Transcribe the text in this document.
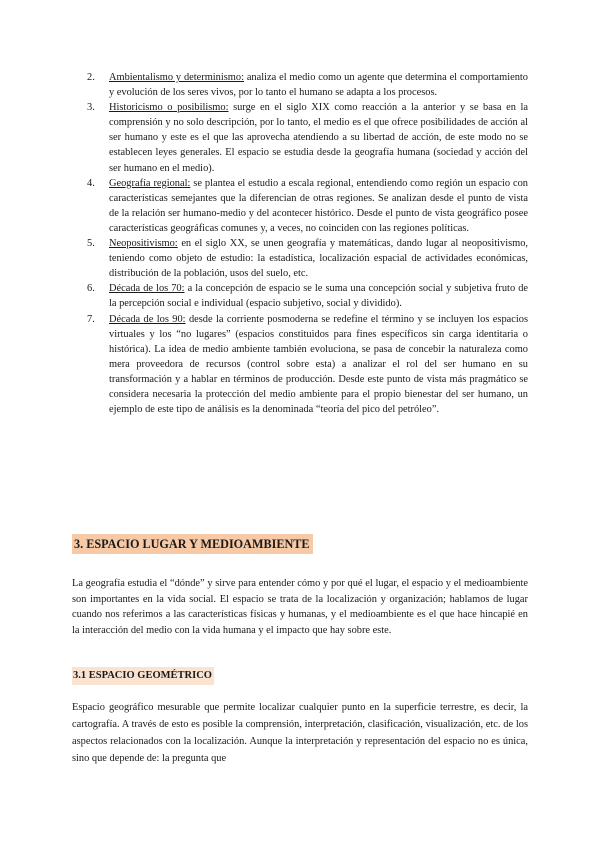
2. Ambientalismo y determinismo: analiza el medio como un agente que determina el comportamiento y evolución de los seres vivos, por lo tanto el humano se adapta a los procesos.
3. Historicismo o posibilismo: surge en el siglo XIX como reacción a la anterior y se basa en la comprensión y no solo descripción, por lo tanto, el medio es el que ofrece posibilidades de acción al ser humano y este es el que las aprovecha atendiendo a su libertad de acción, de este modo no se establecen leyes generales. El espacio se estudia desde la geografía humana (sociedad y acción del ser humano en el medio).
4. Geografía regional: se plantea el estudio a escala regional, entendiendo como región un espacio con características semejantes que la diferencian de otras regiones. Se analizan desde el punto de vista de la relación ser humano-medio y del acontecer histórico. Desde el punto de vista geográfico posee características geográficas comunes y, a veces, no coinciden con las regiones políticas.
5. Neopositivismo: en el siglo XX, se unen geografía y matemáticas, dando lugar al neopositivismo, teniendo como objeto de estudio: la estadística, localización espacial de actividades económicas, distribución de la población, usos del suelo, etc.
6. Década de los 70: a la concepción de espacio se le suma una concepción social y subjetiva fruto de la percepción social e individual (espacio subjetivo, social y dividido).
7. Década de los 90: desde la corriente posmoderna se redefine el término y se incluyen los espacios virtuales y los “no lugares” (espacios constituidos para fines específicos sin carga identitaria o histórica). La idea de medio ambiente también evoluciona, se pasa de concebir la naturaleza como mera proveedora de recursos (control sobre esta) a analizar el rol del ser humano en su transformación y a hablar en términos de producción. Desde este punto de vista más pragmático se considera necesaria la protección del medio ambiente para el propio bienestar del ser humano, un ejemplo de este tipo de análisis es la denominada “teoría del pico del petróleo”.
3. ESPACIO LUGAR Y MEDIOAMBIENTE

La geografía estudia el “dónde” y sirve para entender cómo y por qué el lugar, el espacio y el medioambiente son importantes en la vida social. El espacio se trata de la localización y organización; hablamos de lugar cuando nos referimos a las características físicas y humanas, y el medioambiente es el que hace hincapié en la interacción del medio con la vida humana y el impacto que hay sobre este.

3.1 ESPACIO GEOMÉTRICO

Espacio geográfico mesurable que permite localizar cualquier punto en la superficie terrestre, es decir, la cartografía. A través de esto es posible la comprensión, interpretación, clasificación, visualización, etc. de los aspectos relacionados con la localización. Aunque la interpretación y representación del espacio no es única, sino que depende de: la pregunta que
